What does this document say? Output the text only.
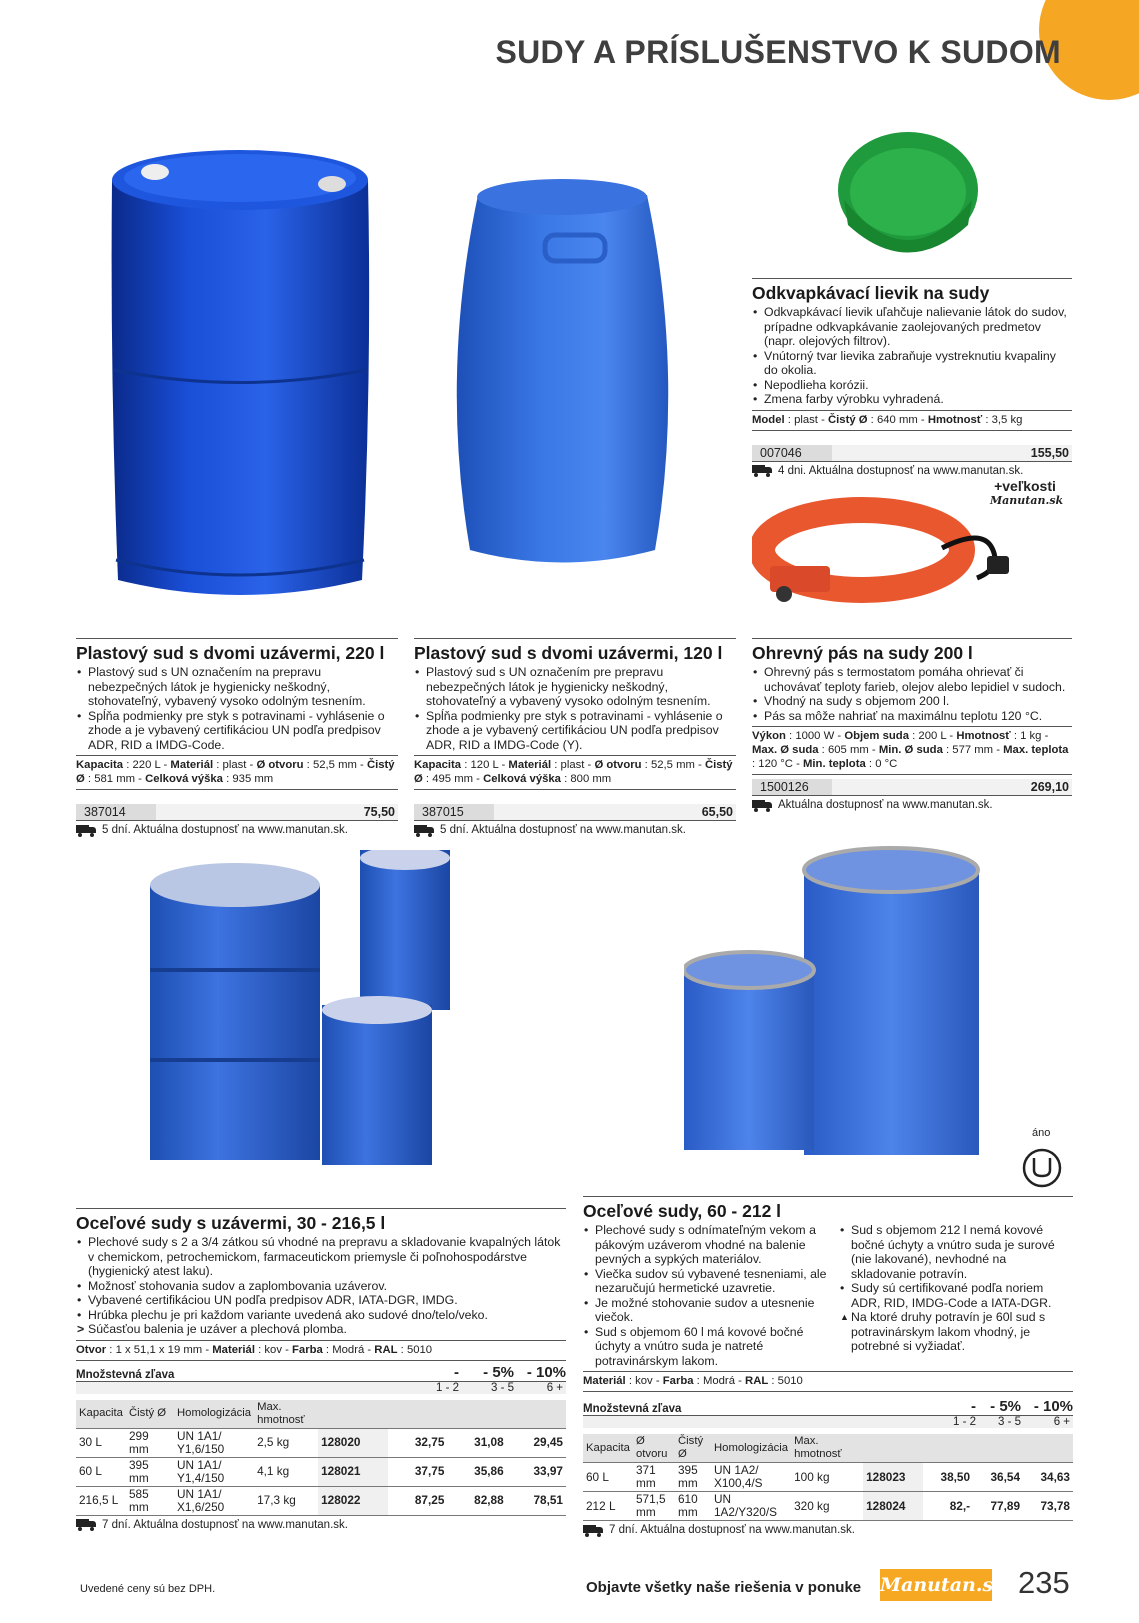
SUDY A PRÍSLUŠENSTVO K SUDOM
+veľkosti
Manutan.sk
áno
Odkvapkávací lievik na sudy
• Odkvapkávací lievik uľahčuje nalievanie látok do sudov, prípadne odkvapkávanie zaolejovaných predmetov (napr. olejových filtrov).
• Vnútorný tvar lievika zabraňuje vystreknutiu kvapaliny do okolia.
• Nepodlieha korózii.
• Zmena farby výrobku vyhradená.
Model : plast - Čistý Ø : 640 mm - Hmotnosť : 3,5 kg
007046	155,50
4 dni. Aktuálna dostupnosť na www.manutan.sk.
Plastový sud s dvomi uzávermi, 220 l
• Plastový sud s UN označením na prepravu nebezpečných látok je hygienicky neškodný, stohovateľný, vybavený vysoko odolným tesnením.
• Spĺňa podmienky pre styk s potravinami - vyhlásenie o zhode a je vybavený certifikáciou UN podľa predpisov ADR, RID a IMDG-Code.
Kapacita : 220 L - Materiál : plast - Ø otvoru : 52,5 mm - Čistý Ø : 581 mm - Celková výška : 935 mm
387014	75,50
5 dní. Aktuálna dostupnosť na www.manutan.sk.
Plastový sud s dvomi uzávermi, 120 l
• Plastový sud s UN označením pre prepravu nebezpečných látok je hygienicky neškodný, stohovateľný a vybavený vysoko odolným tesnením.
• Spĺňa podmienky pre styk s potravinami - vyhlásenie o zhode a je vybavený certifikáciou UN podľa predpisov ADR, RID a IMDG-Code (Y).
Kapacita : 120 L - Materiál : plast - Ø otvoru : 52,5 mm - Čistý Ø : 495 mm - Celková výška : 800 mm
387015	65,50
5 dní. Aktuálna dostupnosť na www.manutan.sk.
Ohrevný pás na sudy 200 l
• Ohrevný pás s termostatom pomáha ohrievať či uchovávať teploty farieb, olejov alebo lepidiel v sudoch.
• Vhodný na sudy s objemom 200 l.
• Pás sa môže nahriať na maximálnu teplotu 120 °C.
Výkon : 1000 W - Objem suda : 200 L - Hmotnosť : 1 kg - Max. Ø suda : 605 mm - Min. Ø suda : 577 mm - Max. teplota : 120 °C - Min. teplota : 0 °C
1500126	269,10
Aktuálna dostupnosť na www.manutan.sk.
Oceľové sudy s uzávermi, 30 - 216,5 l
• Plechové sudy s 2 a 3/4 zátkou sú vhodné na prepravu a skladovanie kvapalných látok v chemickom, petrochemickom, farmaceutickom priemysle či poľnohospodárstve (hygienický atest laku).
• Možnosť stohovania sudov a zaplombovania uzáverov.
• Vybavené certifikáciou UN podľa predpisov ADR, IATA-DGR, IMDG.
• Hrúbka plechu je pri každom variante uvedená ako sudové dno/telo/veko.
> Súčasťou balenia je uzáver a plechová plomba.
Otvor : 1 x 51,1 x 19 mm - Materiál : kov - Farba : Modrá - RAL : 5010
Množstevná zľava	-	- 5% - 10%
1 - 2	3 - 5	6 +
Kapacita	Čistý Ø	Homologizácia	Max. hmotnosť				
30 L	299 mm	UN 1A1/ Y1,6/150	2,5 kg	128020	32,75	31,08	29,45
60 L	395 mm	UN 1A1/ Y1,4/150	4,1 kg	128021	37,75	35,86	33,97
216,5 L	585 mm	UN 1A1/ X1,6/250	17,3 kg	128022	87,25	82,88	78,51
7 dní. Aktuálna dostupnosť na www.manutan.sk.
Oceľové sudy, 60 - 212 l
• Plechové sudy s odnímateľným vekom a pákovým uzáverom vhodné na balenie pevných a sypkých materiálov.
• Viečka sudov sú vybavené tesneniami, ale nezaručujú hermetické uzavretie.
• Je možné stohovanie sudov a utesnenie viečok.
• Sud s objemom 60 l má kovové bočné úchyty a vnútro suda je natreté potravinárskym lakom.
• Sud s objemom 212 l nemá kovové bočné úchyty a vnútro suda je surové (nie lakované), nevhodné na skladovanie potravín.
• Sudy sú certifikované podľa noriem ADR, RID, IMDG-Code a IATA-DGR.
▲ Na ktoré druhy potravín je 60l sud s potravinárskym lakom vhodný, je potrebné si vyžiadať.
Materiál : kov - Farba : Modrá - RAL : 5010
Množstevná zľava	- - 5% - 10%
1 - 2	3 - 5	6 +
Kapacita	Ø otvoru	Čistý Ø	Homologizácia	Max. hmotnosť				
60 L	371 mm	395 mm	UN 1A2/ X100,4/S	100 kg	128023	38,50	36,54	34,63
212 L	571,5 mm	610 mm	UN 1A2/Y320/S	320 kg	128024	82,-	77,89	73,78
7 dní. Aktuálna dostupnosť na www.manutan.sk.
Uvedené ceny sú bez DPH.	Objavte všetky naše riešenia v ponuke Manutan.sk 235
